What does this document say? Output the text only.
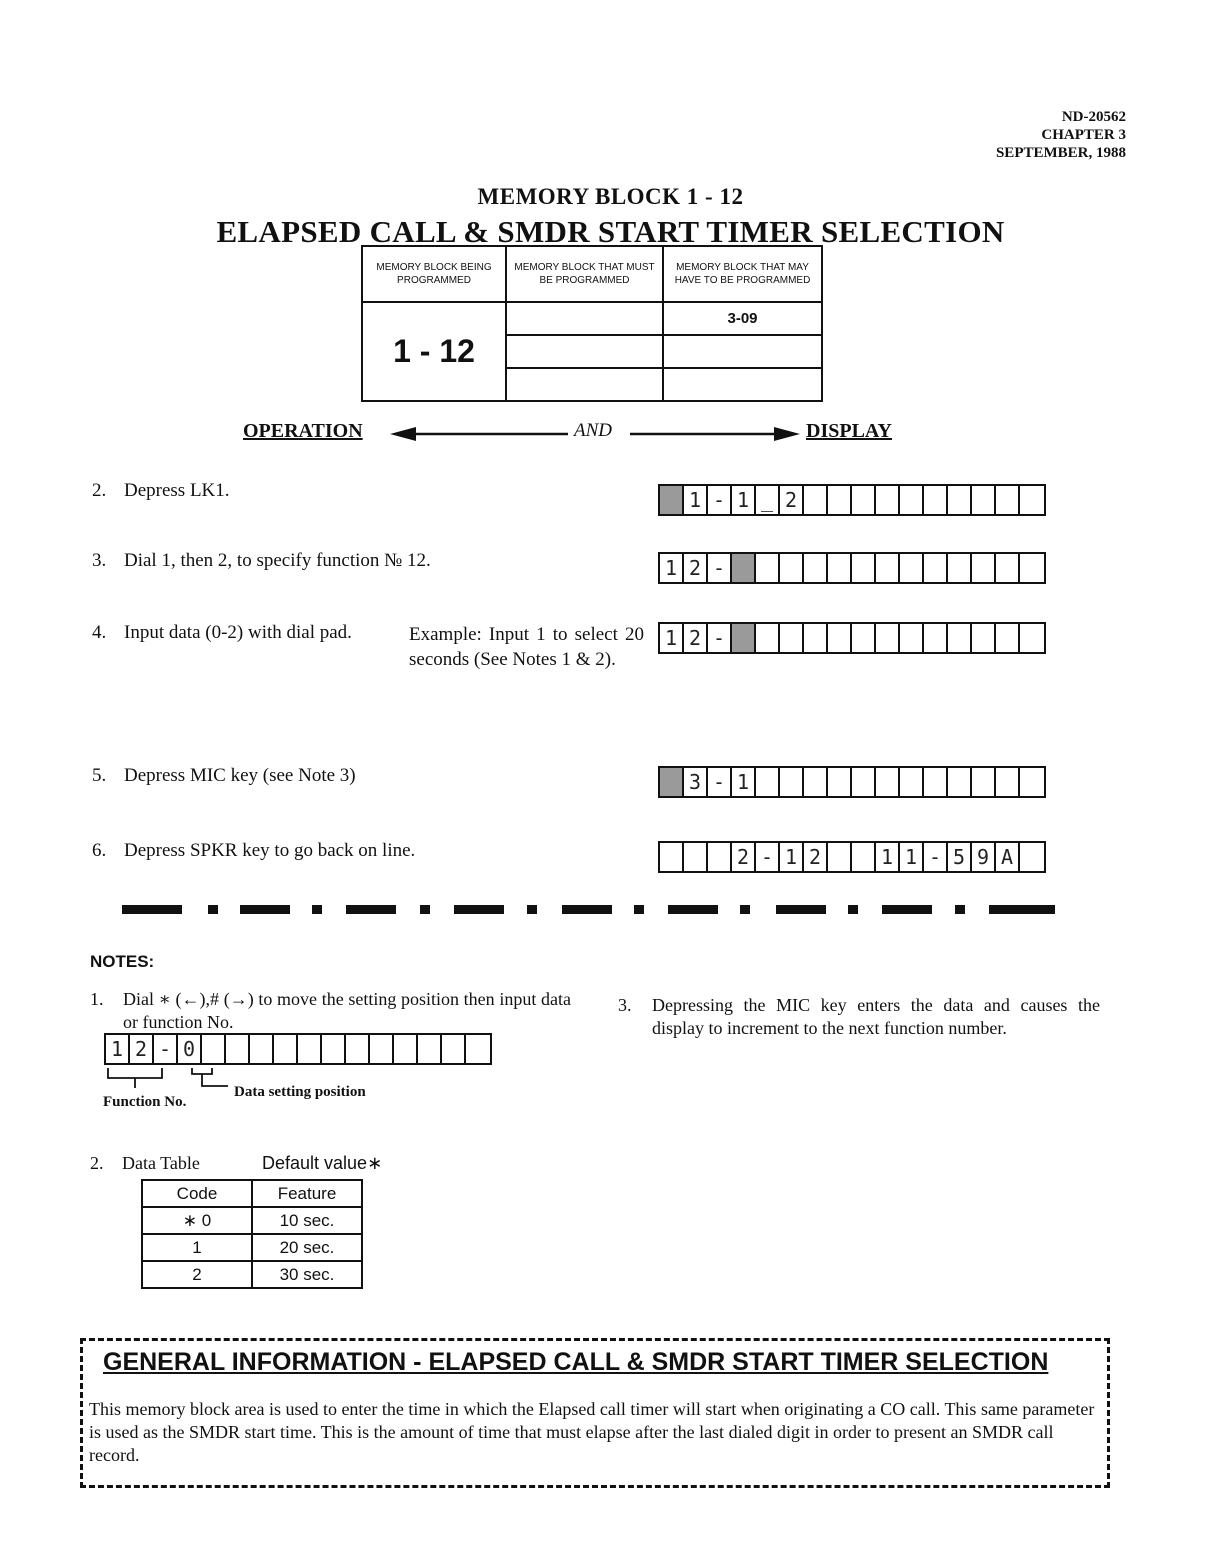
ND-20562
CHAPTER 3
SEPTEMBER, 1988
MEMORY BLOCK 1 - 12
ELAPSED CALL & SMDR START TIMER SELECTION
MEMORY BLOCK BEING PROGRAMMED	MEMORY BLOCK THAT MUST BE PROGRAMMED	MEMORY BLOCK THAT MAY HAVE TO BE PROGRAMMED
1 - 12		3-09

OPERATION	AND	DISPLAY
2. Depress LK1.
3. Dial 1, then 2, to specify function № 12.
4. Input data (0-2) with dial pad.	Example: Input 1 to select 20 seconds (See Notes 1 & 2).
5. Depress MIC key (see Note 3)
6. Depress SPKR key to go back on line.
1 - 1 _ 2
1 2 -
1 2 -
3 - 1
2 - 1 2	1 1 - 5 9 A
NOTES:
1. Dial ∗ (←),# (→) to move the setting position then input data or function No.
1 2 - 0
Function No.
Data setting position
3. Depressing the MIC key enters the data and causes the display to increment to the next function number.
2. Data Table	Default value∗
Code	Feature
∗ 0	10 sec.
1	20 sec.
2	30 sec.
GENERAL INFORMATION - ELAPSED CALL & SMDR START TIMER SELECTION
This memory block area is used to enter the time in which the Elapsed call timer will start when originating a CO call. This same parameter is used as the SMDR start time. This is the amount of time that must elapse after the last dialed digit in order to present an SMDR call record.
